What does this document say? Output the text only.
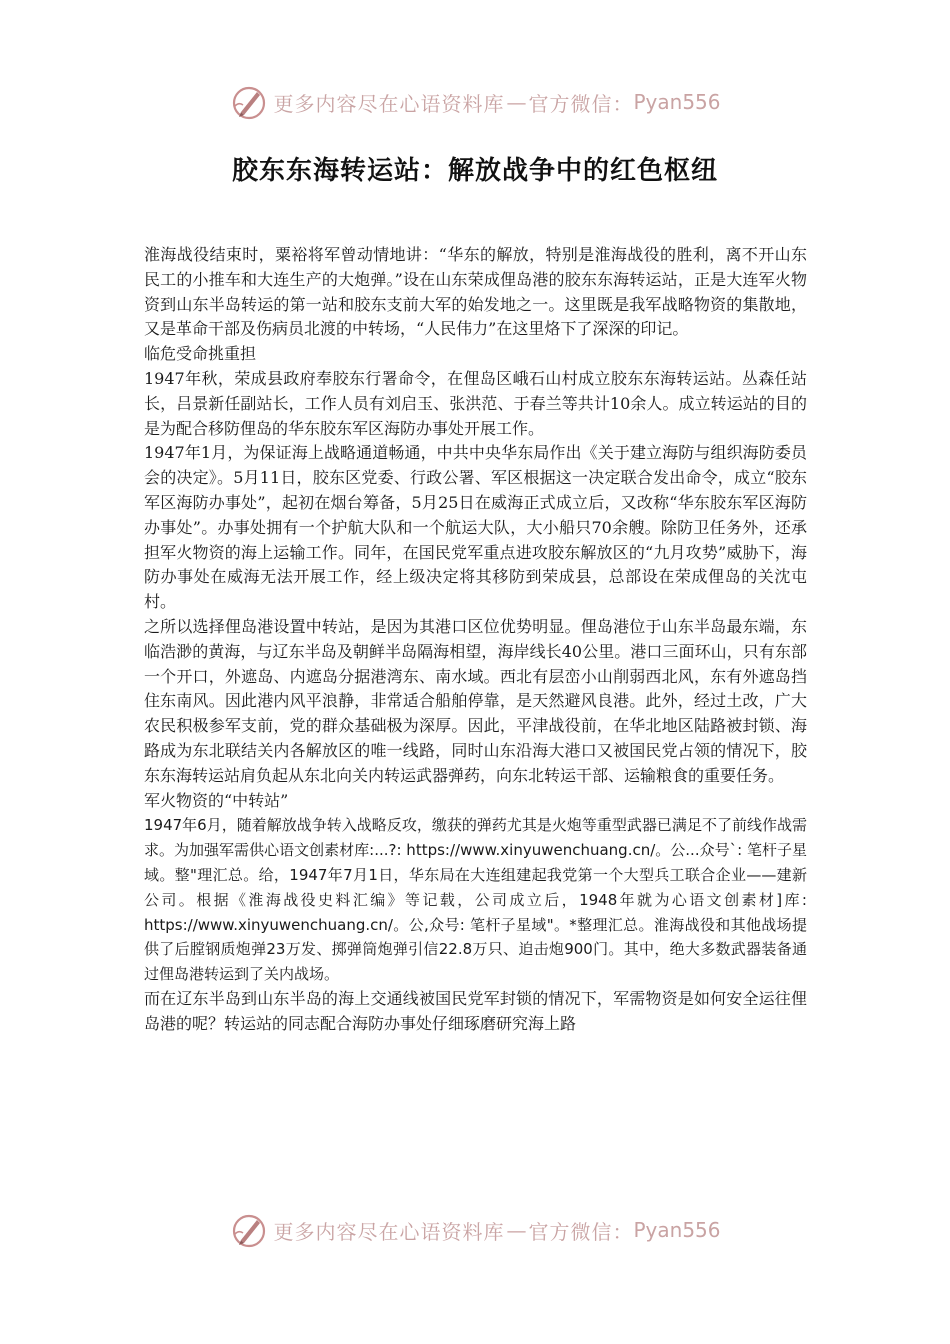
更多内容尽在心语资料库 — 官方微信： Pyan556
胶东东海转运站：解放战争中的红色枢纽

淮海战役结束时，粟裕将军曾动情地讲：“华东的解放，特别是淮海战役的胜利，离不开山东民工的小推车和大连生产的大炮弹。”设在山东荣成俚岛港的胶东东海转运站，正是大连军火物资到山东半岛转运的第一站和胶东支前大军的始发地之一。这里既是我军战略物资的集散地，又是革命干部及伤病员北渡的中转场，“人民伟力”在这里烙下了深深的印记。

临危受命挑重担

1947年秋，荣成县政府奉胶东行署命令，在俚岛区峨石山村成立胶东东海转运站。丛森任站长，吕景新任副站长，工作人员有刘启玉、张洪范、于春兰等共计10余人。成立转运站的目的是为配合移防俚岛的华东胶东军区海防办事处开展工作。

1947年1月，为保证海上战略通道畅通，中共中央华东局作出《关于建立海防与组织海防委员会的决定》。5月11日，胶东区党委、行政公署、军区根据这一决定联合发出命令，成立“胶东军区海防办事处”，起初在烟台筹备，5月25日在威海正式成立后，又改称“华东胶东军区海防办事处”。办事处拥有一个护航大队和一个航运大队，大小船只70余艘。除防卫任务外，还承担军火物资的海上运输工作。同年，在国民党军重点进攻胶东解放区的“九月攻势”威胁下，海防办事处在威海无法开展工作，经上级决定将其移防到荣成县，总部设在荣成俚岛的关沈屯村。

之所以选择俚岛港设置中转站，是因为其港口区位优势明显。俚岛港位于山东半岛最东端，东临浩渺的黄海，与辽东半岛及朝鲜半岛隔海相望，海岸线长40公里。港口三面环山，只有东部一个开口，外遮岛、内遮岛分据港湾东、南水域。西北有层峦小山削弱西北风，东有外遮岛挡住东南风。因此港内风平浪静，非常适合船舶停靠，是天然避风良港。此外，经过土改，广大农民积极参军支前，党的群众基础极为深厚。因此，平津战役前，在华北地区陆路被封锁、海路成为东北联结关内各解放区的唯一线路，同时山东沿海大港口又被国民党占领的情况下，胶东东海转运站肩负起从东北向关内转运武器弹药，向东北转运干部、运输粮食的重要任务。

军火物资的“中转站”

1947年6月，随着解放战争转入战略反攻，缴获的弹药尤其是火炮等重型武器已满足不了前线作战需求。为加强军需供心语文创素材库:...?: https://www.xinyuwenchuang.cn/。公...众号`: 笔杆子星域。整"理汇总。给，1947年7月1日，华东局在大连组建起我党第一个大型兵工联合企业——建新公司。根据《淮海战役史料汇编》等记载，公司成立后，1948年就为心语文创素材]库: https://www.xinyuwenchuang.cn/。公,众号: 笔杆子星域"。*整理汇总。淮海战役和其他战场提供了后膛钢质炮弹23万发、掷弹筒炮弹引信22.8万只、迫击炮900门。其中，绝大多数武器装备通过俚岛港转运到了关内战场。

而在辽东半岛到山东半岛的海上交通线被国民党军封锁的情况下，军需物资是如何安全运往俚岛港的呢？转运站的同志配合海防办事处仔细琢磨研究海上路

更多内容尽在心语资料库 — 官方微信： Pyan556
